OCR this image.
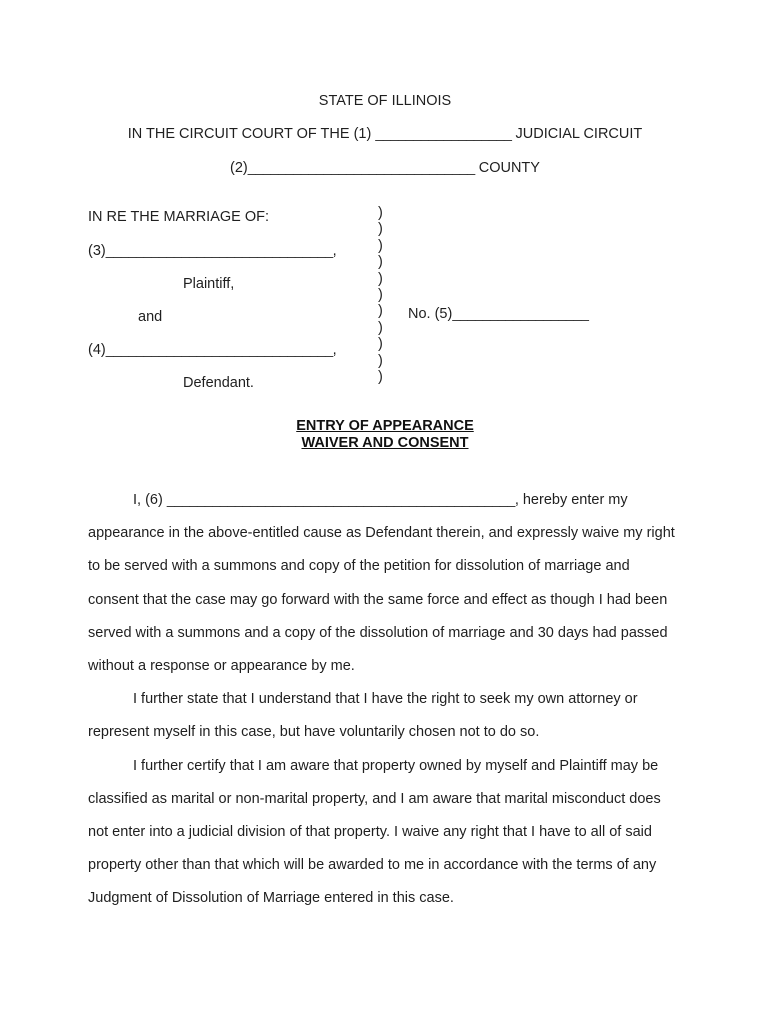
STATE OF ILLINOIS
IN THE CIRCUIT COURT OF THE (1) __________________ JUDICIAL CIRCUIT
(2)______________________________ COUNTY
IN RE THE MARRIAGE OF:
(3)______________________________,
Plaintiff,
and
(4)______________________________,
Defendant.
)
)
)
)
)
)
)
)
)
)
)
No. (5)__________________
ENTRY OF APPEARANCE
WAIVER AND CONSENT

I, (6) ______________________________________________, hereby enter my appearance in the above-entitled cause as Defendant therein, and expressly waive my right to be served with a summons and copy of the petition for dissolution of marriage and consent that the case may go forward with the same force and effect as though I had been served with a summons and a copy of the dissolution of marriage and 30 days had passed without a response or appearance by me.

I further state that I understand that I have the right to seek my own attorney or represent myself in this case, but have voluntarily chosen not to do so.

I further certify that I am aware that property owned by myself and Plaintiff may be classified as marital or non-marital property, and I am aware that marital misconduct does not enter into a judicial division of that property. I waive any right that I have to all of said property other than that which will be awarded to me in accordance with the terms of any Judgment of Dissolution of Marriage entered in this case.
